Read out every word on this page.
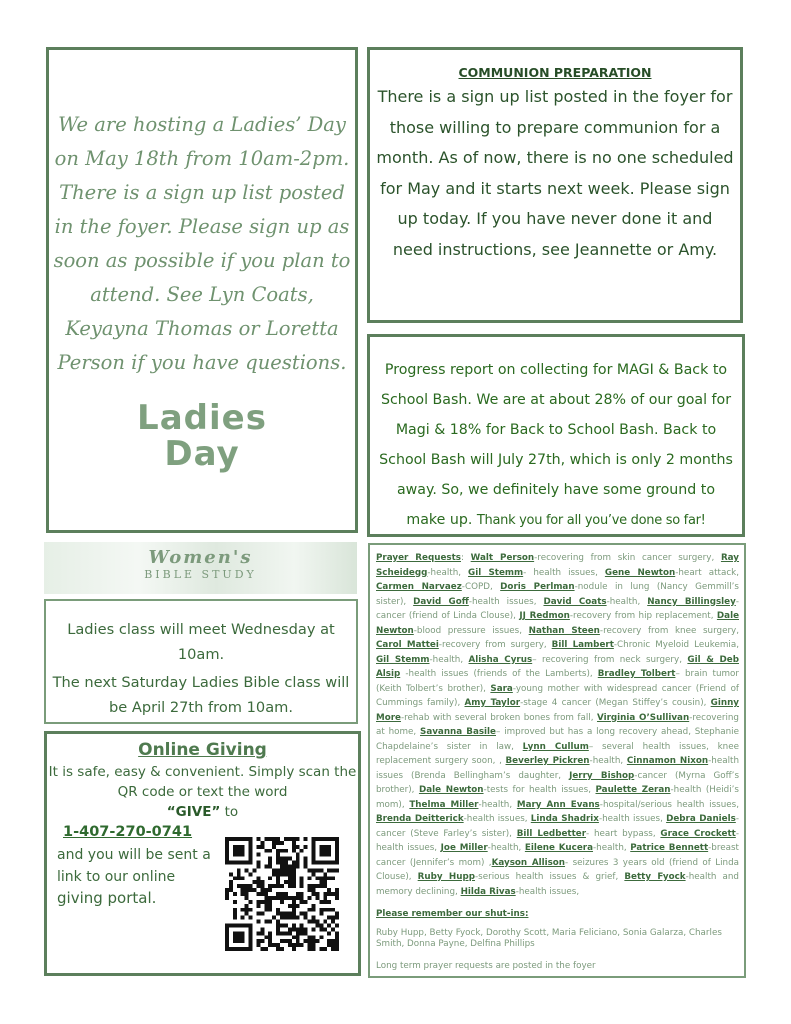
We are hosting a Ladies’ Day on May 18th from 10am-2pm. There is a sign up list posted in the foyer. Please sign up as soon as possible if you plan to attend. See Lyn Coats, Keyayna Thomas or Loretta Person if you have questions.

Ladies
Day
COMMUNION PREPARATION

There is a sign up list posted in the foyer for those willing to prepare communion for a month. As of now, there is no one scheduled for May and it starts next week. Please sign up today. If you have never done it and need instructions, see Jeannette or Amy.

Progress report on collecting for MAGI & Back to School Bash. We are at about 28% of our goal for Magi & 18% for Back to School Bash. Back to School Bash will July 27th, which is only 2 months away. So, we definitely have some ground to make up. Thank you for all you’ve done so far!

Women's
BIBLE STUDY

Ladies class will meet Wednesday at 10am.

The next Saturday Ladies Bible class will be April 27th from 10am.

Online Giving

It is safe, easy & convenient. Simply scan the QR code or text the word

“GIVE” to

1-407-270-0741

and you will be sent a link to our online
giving portal.

Prayer Requests: Walt Person-recovering from skin cancer surgery, Ray Scheidegg-health, Gil Stemm- health issues, Gene Newton-heart attack, Carmen Narvaez-COPD, Doris Perlman-nodule in lung (Nancy Gemmill’s sister), David Goff-health issues, David Coats-health, Nancy Billingsley-cancer (friend of Linda Clouse), JJ Redmon-recovery from hip replacement, Dale Newton-blood pressure issues, Nathan Steen-recovery from knee surgery, Carol Mattei-recovery from surgery, Bill Lambert-Chronic Myeloid Leukemia, Gil Stemm-health, Alisha Cyrus– recovering from neck surgery, Gil & Deb Alsip -health issues (friends of the Lamberts), Bradley Tolbert– brain tumor (Keith Tolbert’s brother), Sara-young mother with widespread cancer (Friend of Cummings family), Amy Taylor-stage 4 cancer (Megan Stiffey’s cousin), Ginny More-rehab with several broken bones from fall, Virginia O’Sullivan-recovering at home, Savanna Basile– improved but has a long recovery ahead, Stephanie Chapdelaine’s sister in law, Lynn Cullum– several health issues, knee replacement surgery soon, , Beverley Pickren-health, Cinnamon Nixon-health issues (Brenda Bellingham’s daughter, Jerry Bishop-cancer (Myrna Goff’s brother), Dale Newton-tests for health issues, Paulette Zeran-health (Heidi’s mom), Thelma Miller-health, Mary Ann Evans-hospital/serious health issues, Brenda Deitterick-health issues, Linda Shadrix-health issues, Debra Daniels-cancer (Steve Farley’s sister), Bill Ledbetter- heart bypass, Grace Crockett-health issues, Joe Miller-health, Eilene Kucera-health, Patrice Bennett-breast cancer (Jennifer’s mom) ,Kayson Allison- seizures 3 years old (friend of Linda Clouse), Ruby Hupp-serious health issues & grief, Betty Fyock-health and memory declining, Hilda Rivas-health issues,

Please remember our shut-ins:

Ruby Hupp, Betty Fyock, Dorothy Scott, Maria Feliciano, Sonia Galarza, Charles Smith, Donna Payne, Delfina Phillips

Long term prayer requests are posted in the foyer
